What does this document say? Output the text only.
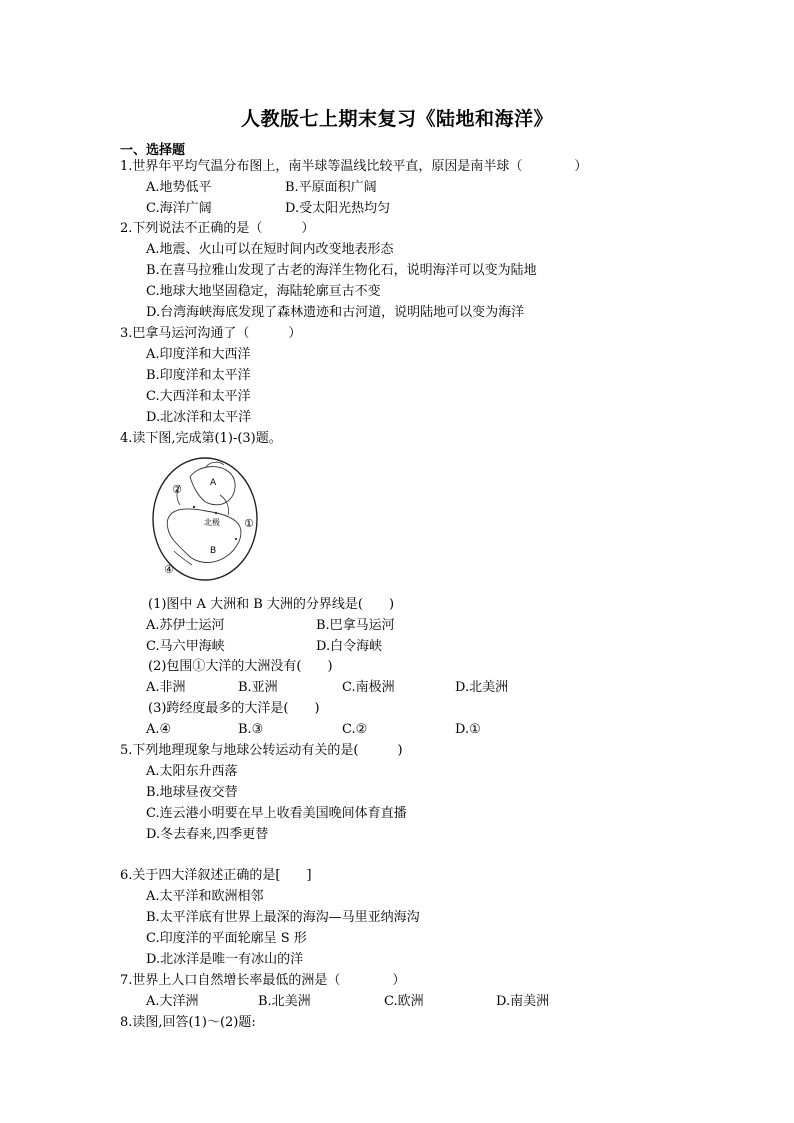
人教版七上期末复习《陆地和海洋》
一、选择题
1.世界年平均气温分布图上，南半球等温线比较平直，原因是南半球（　　　　）
A.地势低平	B.平原面积广阔
C.海洋广阔	D.受太阳光热均匀
2.下列说法不正确的是（　　　）
A.地震、火山可以在短时间内改变地表形态
B.在喜马拉雅山发现了古老的海洋生物化石，说明海洋可以变为陆地
C.地球大地坚固稳定，海陆轮廓亘古不变
D.台湾海峡海底发现了森林遗迹和古河道，说明陆地可以变为海洋
3.巴拿马运河沟通了（　　　）
A.印度洋和大西洋
B.印度洋和太平洋
C.大西洋和太平洋
D.北冰洋和太平洋
4.读下图,完成第(1)-(3)题。
②	A
北极 ①
B
④
(1)图中 A 大洲和 B 大洲的分界线是(　　)
A.苏伊士运河	B.巴拿马运河
C.马六甲海峡	D.白令海峡
(2)包围①大洋的大洲没有(　　)
A.非洲	B.亚洲	C.南极洲	D.北美洲
(3)跨经度最多的大洋是(　　)
A.④	B.③	C.②	D.①
5.下列地理现象与地球公转运动有关的是(　　　)
A.太阳东升西落
B.地球昼夜交替
C.连云港小明要在早上收看美国晚间体育直播
D.冬去春来,四季更替
6.关于四大洋叙述正确的是[　　]
A.太平洋和欧洲相邻
B.太平洋底有世界上最深的海沟—马里亚纳海沟
C.印度洋的平面轮廓呈 S 形
D.北冰洋是唯一有冰山的洋
7.世界上人口自然增长率最低的洲是（　　　　）
A.大洋洲	B.北美洲	C.欧洲	D.南美洲
8.读图,回答(1)～(2)题:
